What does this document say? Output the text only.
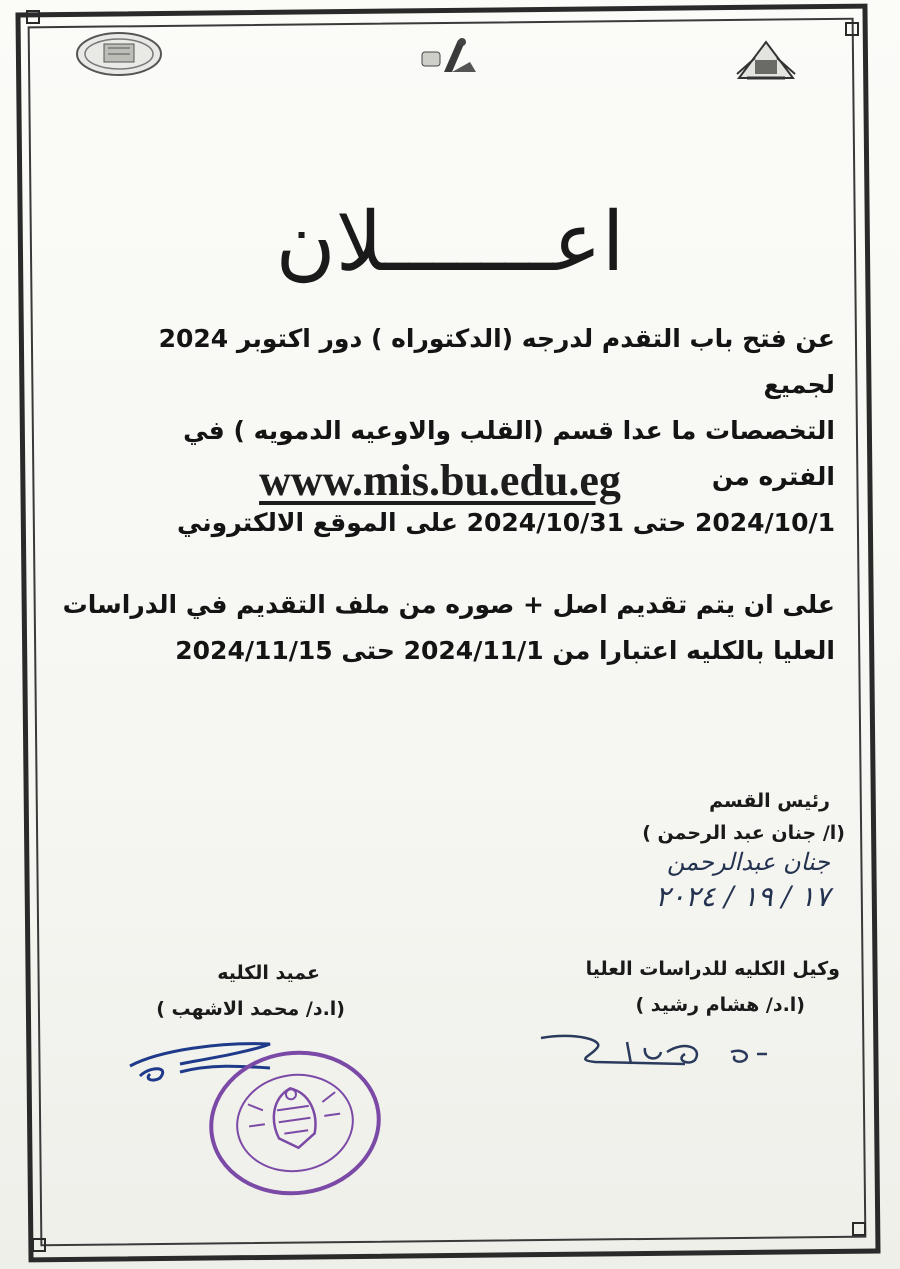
اعـــــــلان
عن فتح باب التقدم لدرجه (الدكتوراه ) دور اكتوبر 2024 لجميع
التخصصات ما عدا قسم (القلب والاوعيه الدمويه ) في الفتره من
2024/10/1 حتى 2024/10/31 على الموقع الالكتروني
www.mis.bu.edu.eg
على ان يتم تقديم اصل + صوره من ملف التقديم في الدراسات
العليا بالكليه اعتبارا من 2024/11/1 حتى 2024/11/15
رئيس القسم
(ا/ جنان عبد الرحمن )
جنان عبدالرحمن
١٧ / ١٩ / ٢٠٢٤
وكيل الكليه للدراسات العليا
(ا.د/ هشام رشيد )
عميد الكليه
(ا.د/ محمد الاشهب )
